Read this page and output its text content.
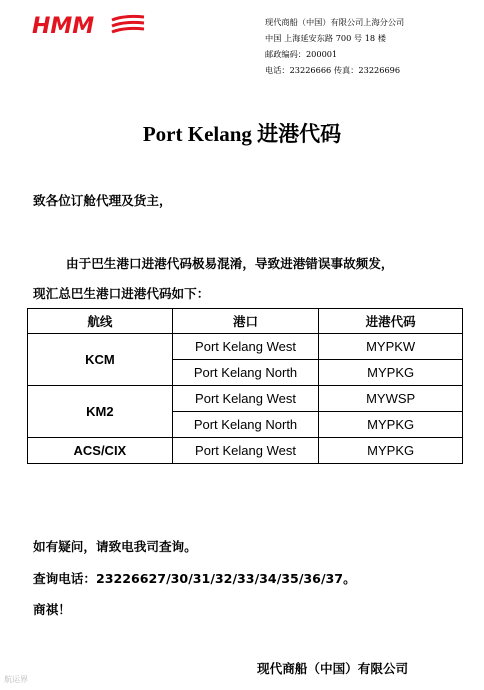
HMM	现代商船（中国）有限公司上海分公司
中国 上海延安东路 700 号 18 楼
邮政编码：200001
电话：23226666 传真：23226696
Port Kelang 进港代码
致各位订舱代理及货主，
由于巴生港口进港代码极易混淆，导致进港错误事故频发，
现汇总巴生港口进港代码如下：
航线	港口	进港代码
KCM	Port Kelang West	MYPKW
	Port Kelang North	MYPKG
KM2	Port Kelang West	MYWSP
	Port Kelang North	MYPKG
ACS/CIX	Port Kelang West	MYPKG
如有疑问，请致电我司查询。
查询电话：23226627/30/31/32/33/34/35/36/37。
商祺！
现代商船（中国）有限公司
航运界
